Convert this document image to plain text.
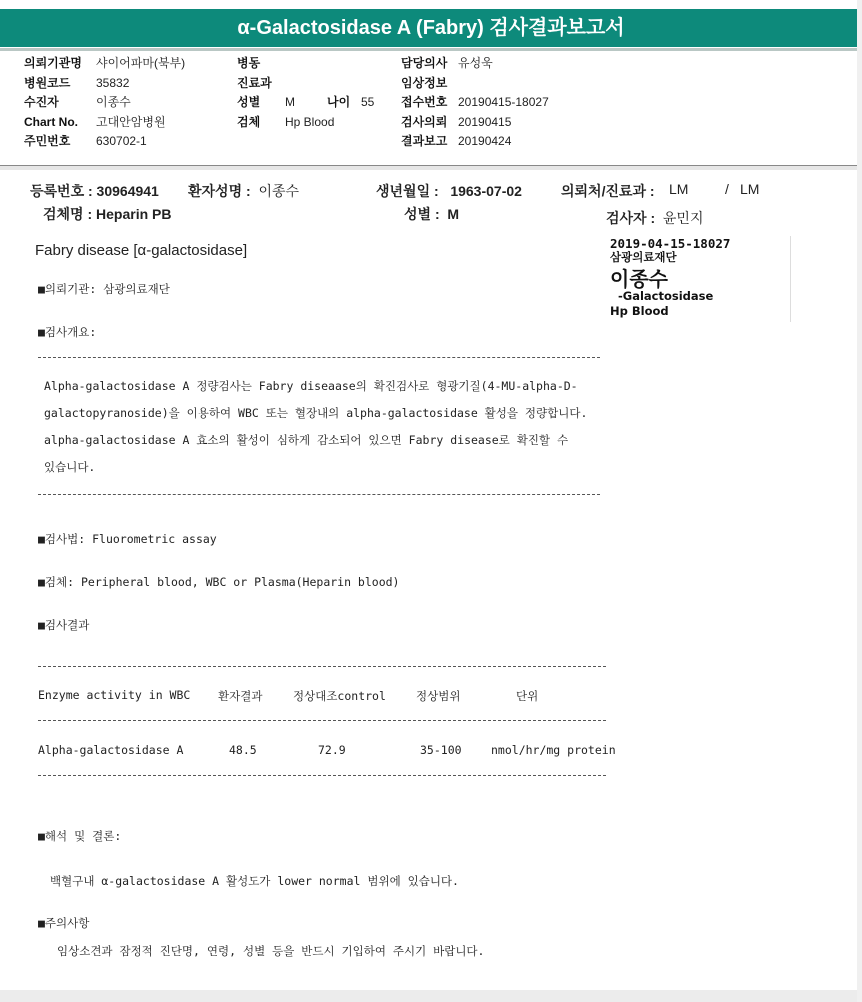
α-Galactosidase A (Fabry) 검사결과보고서
의뢰기관명	샤이어파마(북부)
병원코드	35832
수진자	이종수
Chart No.	고대안암병원
주민번호	630702-1
병동
진료과
성별	M	나이 55
검체	Hp Blood
담당의사 유성욱
임상정보
접수번호 20190415-18027
검사의뢰 20190415
결과보고 20190424
등록번호 : 30964941 환자성명 : 이종수	생년월일 : 1963-07-02	의뢰처/진료과 : LM	/ LM
검체명 : Heparin PB	성별 : M	검사자 : 윤민지
Fabry disease [α-galactosidase]	2019-04-15-18027
삼광의료재단
이종수
-Galactosidase
Hp Blood
■의뢰기관: 삼광의료재단
■검사개요:
Alpha-galactosidase A 정량검사는 Fabry diseaase의 확진검사로 형광기질(4-MU-alpha-D-
galactopyranoside)을 이용하여 WBC 또는 혈장내의 alpha-galactosidase 활성을 정량합니다.
alpha-galactosidase A 효소의 활성이 심하게 감소되어 있으면 Fabry disease로 확진할 수
있습니다.
■검사법: Fluorometric assay
■검체: Peripheral blood, WBC or Plasma(Heparin blood)
■검사결과
Enzyme activity in WBC 환자결과	정상대조control	정상범위	단위
Alpha-galactosidase A	48.5	72.9	35-100	nmol/hr/mg protein
■해석 및 결론:
백혈구내 α-galactosidase A 활성도가 lower normal 범위에 있습니다.
■주의사항
임상소견과 잠정적 진단명, 연령, 성별 등을 반드시 기입하여 주시기 바랍니다.
